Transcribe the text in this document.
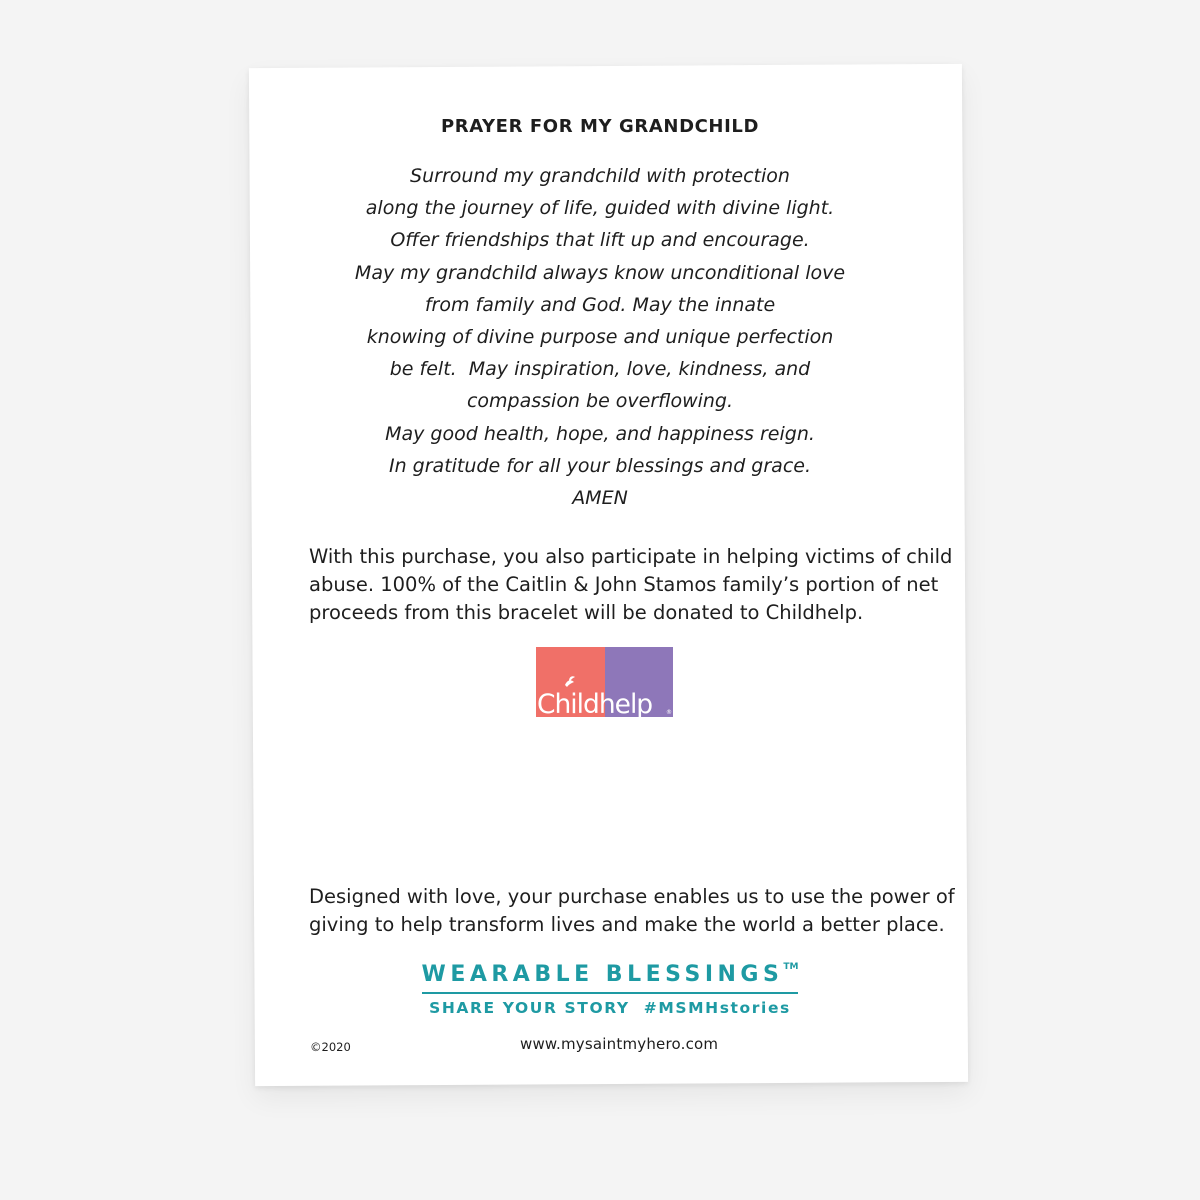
PRAYER FOR MY GRANDCHILD
Surround my grandchild with protection
along the journey of life, guided with divine light.
Offer friendships that lift up and encourage.
May my grandchild always know unconditional love
from family and God. May the innate
knowing of divine purpose and unique perfection
be felt.  May inspiration, love, kindness, and
compassion be overflowing.
May good health, hope, and happiness reign.
In gratitude for all your blessings and grace.
AMEN
With this purchase, you also participate in helping victims of child
abuse. 100% of the Caitlin & John Stamos family’s portion of net
proceeds from this bracelet will be donated to Childhelp.
Childhelp ®
Designed with love, your purchase enables us to use the power of
giving to help transform lives and make the world a better place.
WEARABLE BLESSINGS™
SHARE YOUR STORY  #MSMHstories
©2020	www.mysaintmyhero.com
